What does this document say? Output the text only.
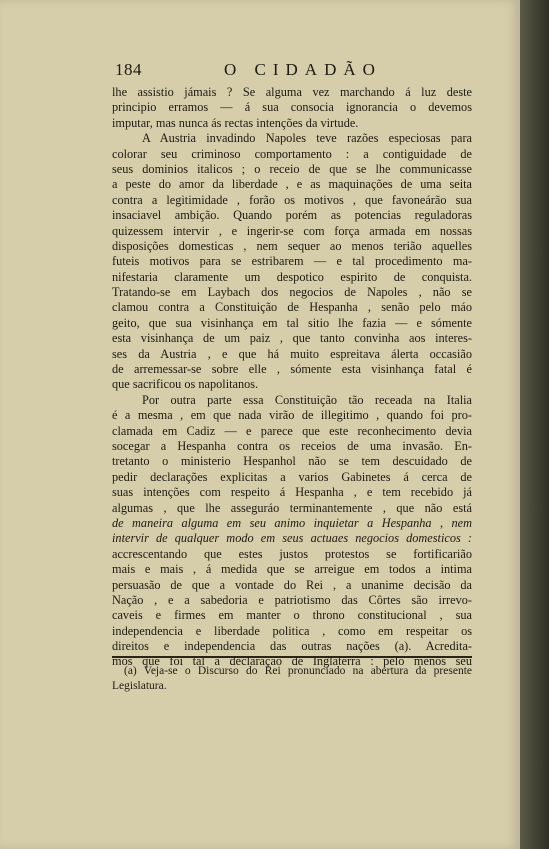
184	O CIDADÃO
lhe assistio jámais ? Se alguma vez marchando á luz deste
principio erramos — á sua consocia ignorancia o devemos
imputar, mas nunca ás rectas intenções da virtude.
A Austria invadindo Napoles teve razões especiosas para
colorar seu criminoso comportamento : a contiguidade de
seus dominios italicos ; o receio de que se lhe communicasse
a peste do amor da liberdade , e as maquinações de uma seita
contra a legitimidade , forão os motivos , que favoneárão sua
insaciavel ambição. Quando porém as potencias reguladoras
quizessem intervir , e ingerir-se com força armada em nossas
disposições domesticas , nem sequer ao menos terião aquelles
futeis motivos para se estribarem — e tal procedimento ma-
nifestaria claramente um despotico espirito de conquista.
Tratando-se em Laybach dos negocios de Napoles , não se
clamou contra a Constituição de Hespanha , senão pelo máo
geito, que sua visinhança em tal sitio lhe fazia — e sómente
esta visinhança de um paiz , que tanto convinha aos interes-
ses da Austria , e que há muito espreitava álerta occasião
de arremessar-se sobre elle , sómente esta visinhança fatal é
que sacrificou os napolitanos.
Por outra parte essa Constituição tão receada na Italia
é a mesma , em que nada virão de illegitimo , quando foi pro-
clamada em Cadiz — e parece que este reconhecimento devia
socegar a Hespanha contra os receios de uma invasão. En-
tretanto o ministerio Hespanhol não se tem descuidado de
pedir declarações explicitas a varios Gabinetes á cerca de
suas intenções com respeito á Hespanha , e tem recebido já
algumas , que lhe asseguráo terminantemente , que não está
de maneira alguma em seu animo inquietar a Hespanha , nem
intervir de qualquer modo em seus actuaes negocios domesticos :
accrescentando que estes justos protestos se fortificarião
mais e mais , á medida que se arreigue em todos a intima
persuasão de que a vontade do Rei , a unanime decisão da
Nação , e a sabedoria e patriotismo das Côrtes são irrevo-
caveis e firmes em manter o throno constitucional , sua
independencia e liberdade politica , como em respeitar os
direitos e independencia das outras nações (a). Acredita-
mos que foi tal a declaração de Inglaterra : pelo menos seu
(a) Veja-se o Discurso do Rei pronunciado na abertura da presente
Legislatura.
